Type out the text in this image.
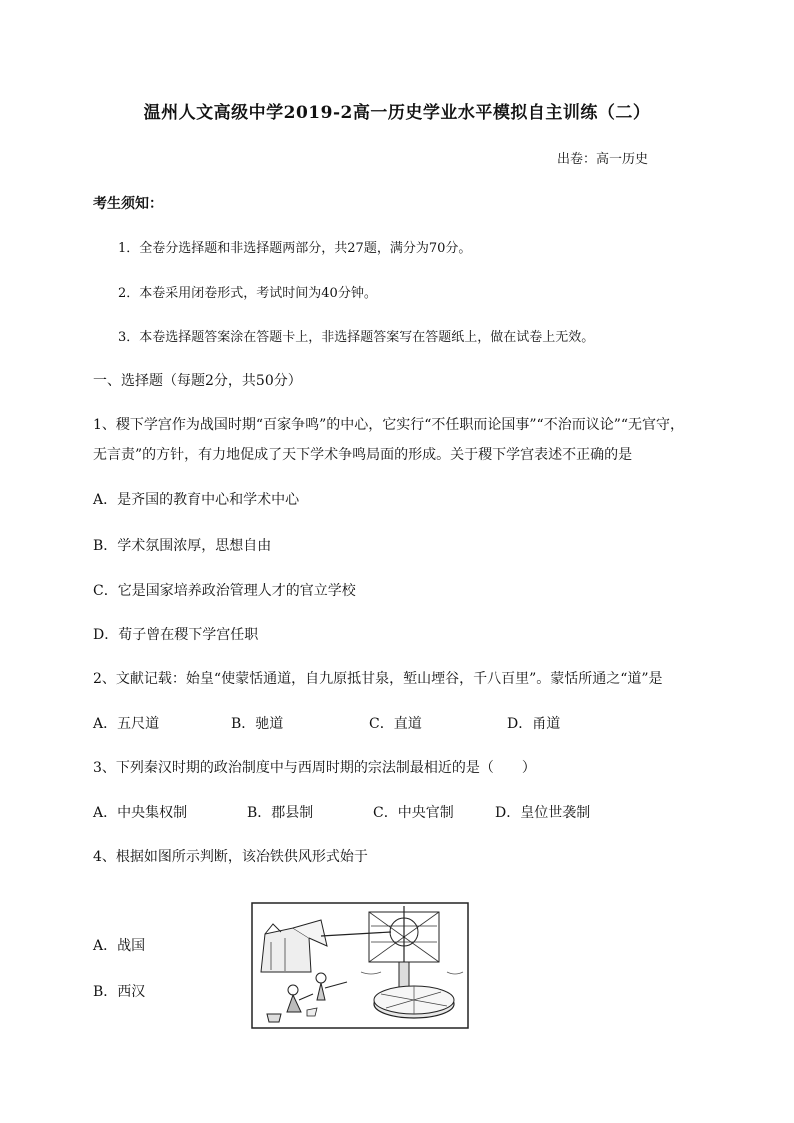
温州人文高级中学2019-2高一历史学业水平模拟自主训练（二）
出卷：高一历史
考生须知：
1．全卷分选择题和非选择题两部分，共27题，满分为70分。
2．本卷采用闭卷形式，考试时间为40分钟。
3．本卷选择题答案涂在答题卡上，非选择题答案写在答题纸上，做在试卷上无效。
一、选择题（每题2分，共50分）
1、稷下学宫作为战国时期“百家争鸣”的中心，它实行“不任职而论国事”“不治而议论”“无官守，
无言责”的方针，有力地促成了天下学术争鸣局面的形成。关于稷下学宫表述不正确的是
A．是齐国的教育中心和学术中心
B．学术氛围浓厚，思想自由
C．它是国家培养政治管理人才的官立学校
D．荀子曾在稷下学宫任职
2、文献记载：始皇“使蒙恬通道，自九原抵甘泉，堑山堙谷，千八百里”。蒙恬所通之“道”是
A．五尺道	B．驰道	C．直道	D．甬道
3、下列秦汉时期的政治制度中与西周时期的宗法制最相近的是（　　）
A．中央集权制	B．郡县制	C．中央官制	D．皇位世袭制
4、根据如图所示判断，该冶铁供风形式始于
A．战国
B．西汉
